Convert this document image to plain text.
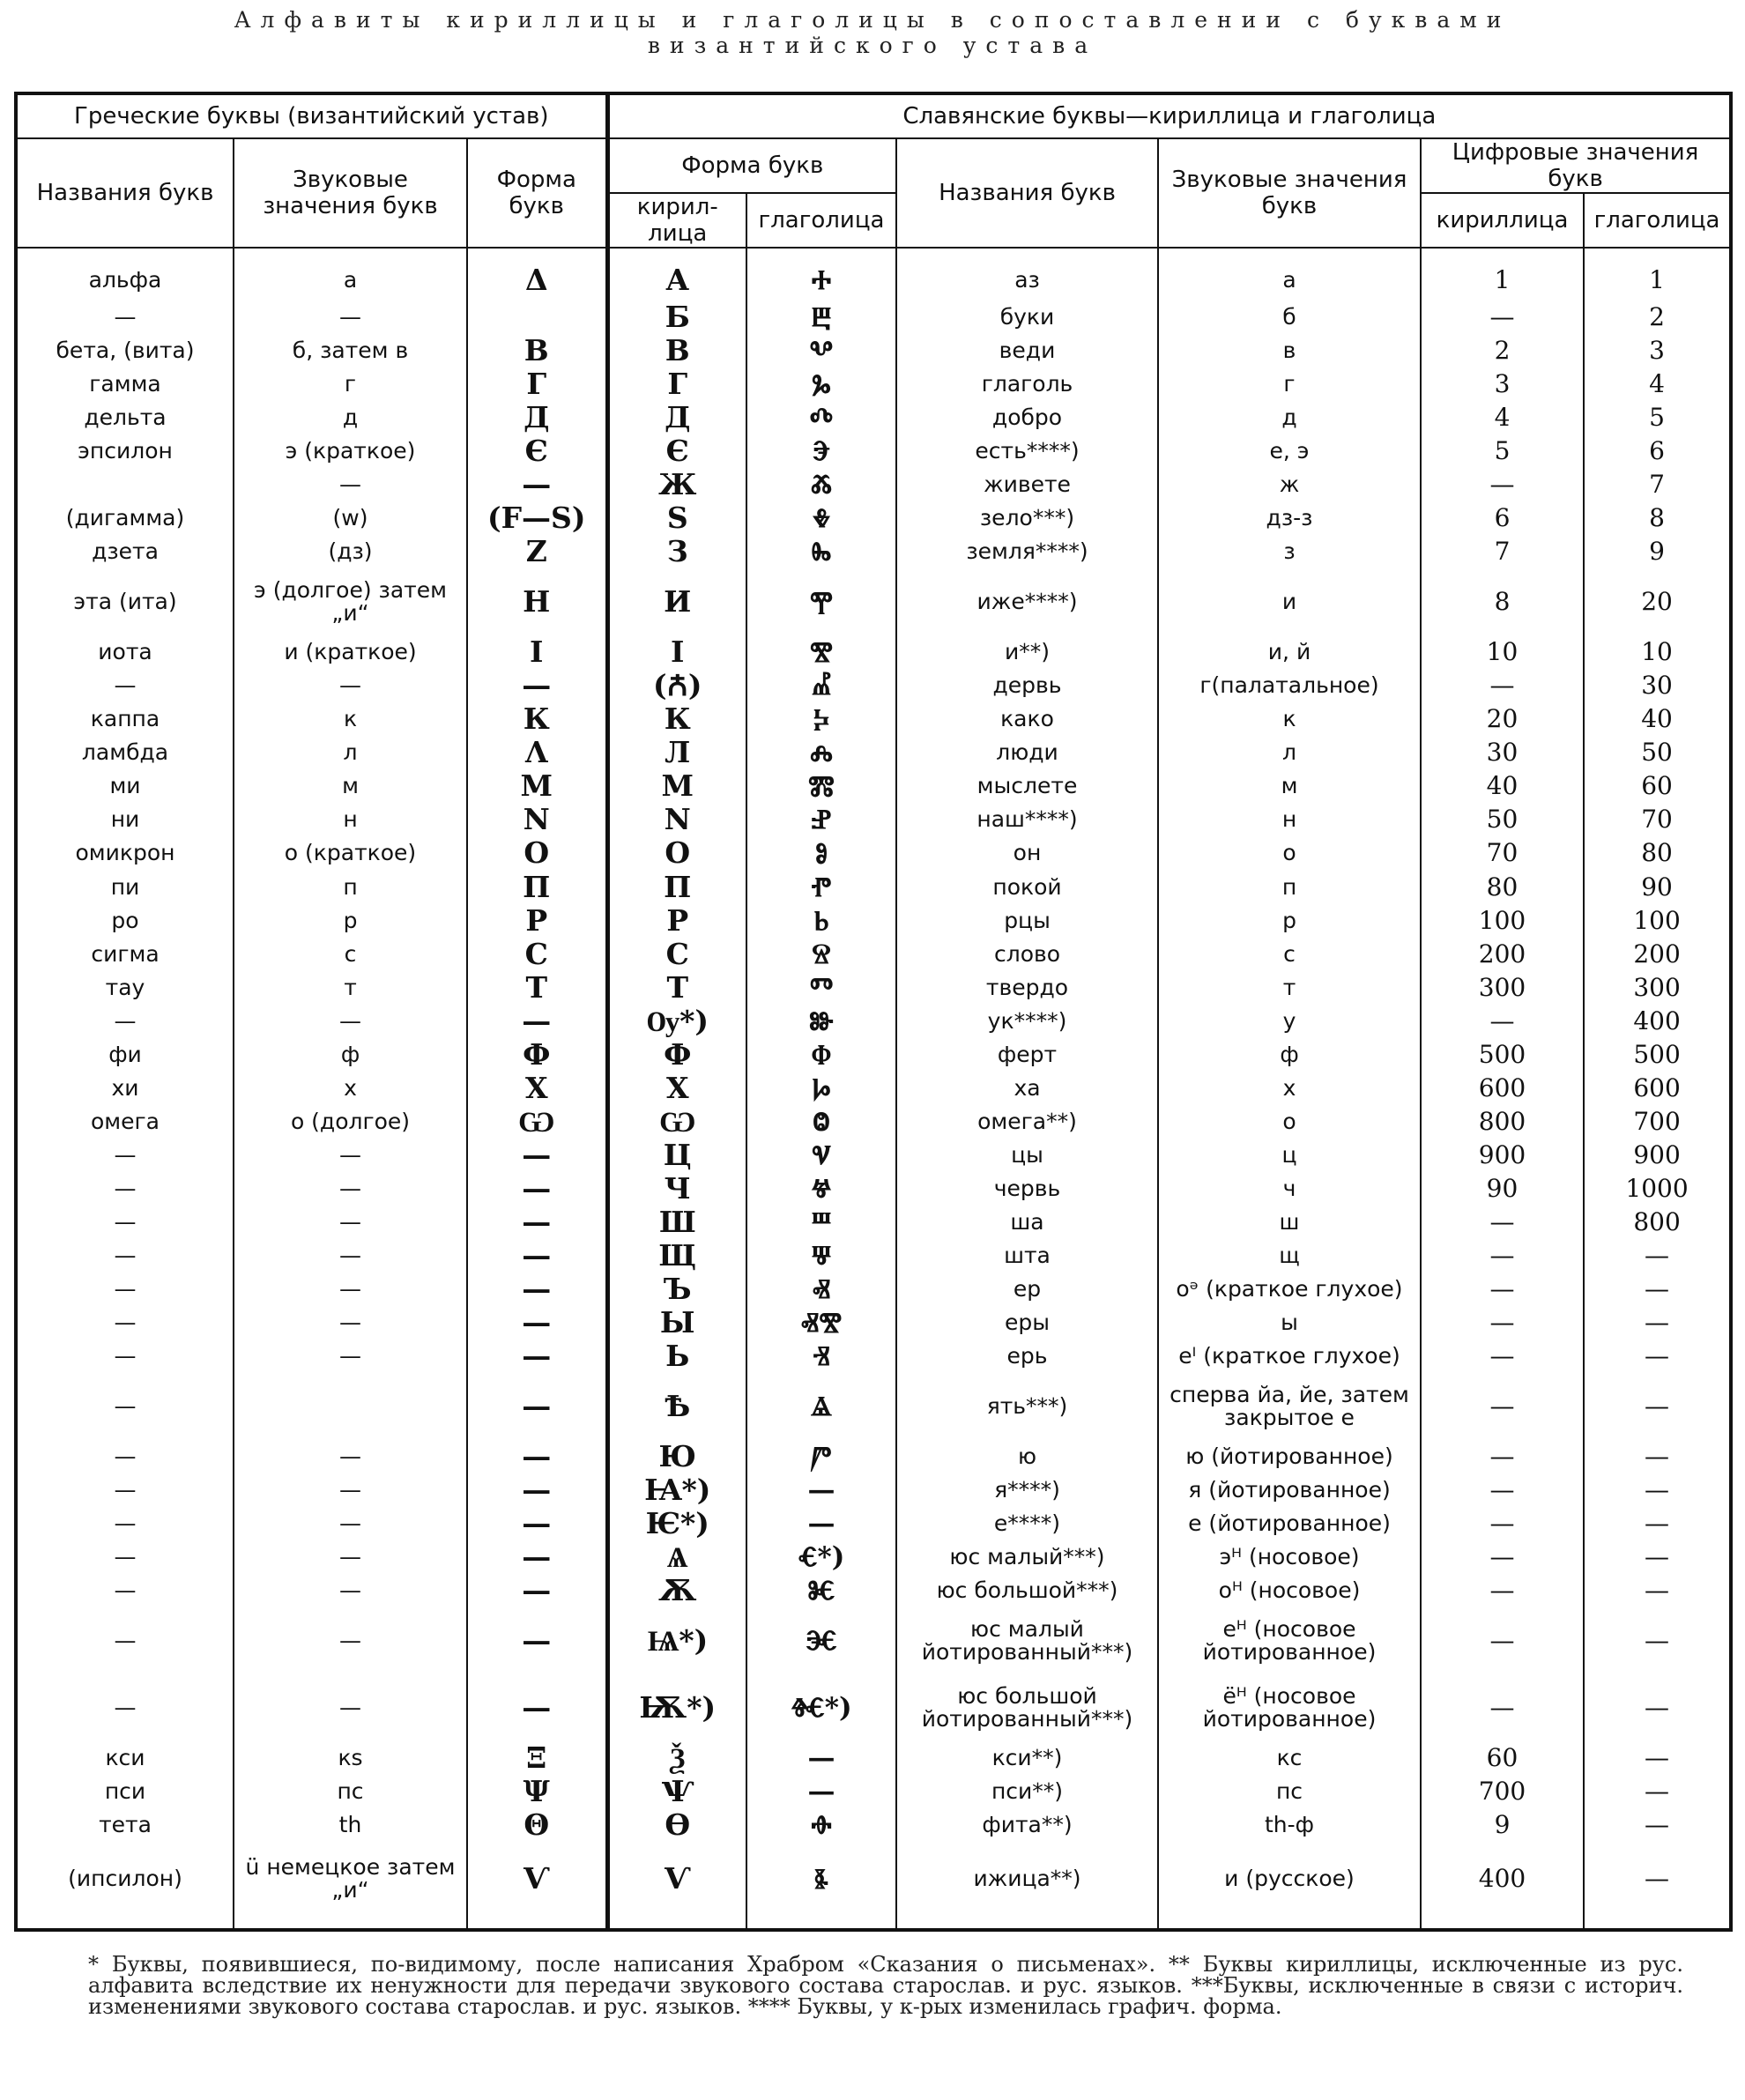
Алфавиты кириллицы и глаголицы в сопоставлении с буквами
византийского устава
Греческие буквы (византийский устав)			Славянские буквы—кириллица и глаголица					
Названия букв	Звуковые значения букв	Форма букв	Форма букв		Названия букв	Звуковые значения букв	Цифровые значения букв	
			кирил-лица	глаголица			кириллица	глаголица
альфа	а	Δ	А	Ⰰ	аз	а	1	1
—	—		Б	Ⰱ	буки	б	—	2
бета, (вита)	б, затем в	В	В	Ⰲ	веди	в	2	3
гамма	г	Г	Г	Ⰳ	глаголь	г	3	4
дельта	д	Д	Д	Ⰴ	добро	д	4	5
эпсилон	э (краткое)	Є	Є	Ⰵ	есть****)	е, э	5	6
	—	—	Ж	Ⰶ	живете	ж	—	7
(дигамма)	(w)	(F—S)	Ѕ	Ⰷ	зело***)	дз-з	6	8
дзета	(дз)	Ζ	З	Ⰸ	земля****)	з	7	9
эта (ита)	э (долгое) затем „и“	Н	И	Ⰹ	иже****)	и	8	20
иота	и (краткое)	І	І	Ⰺ	и**)	и, й	10	10
—	—	—	(Ꙉ)	Ⰼ	дервь	г(палатальное)	—	30
каппа	к	К	К	Ⰽ	како	к	20	40
ламбда	л	Λ	Л	Ⰾ	люди	л	30	50
ми	м	М	М	Ⰿ	мыслете	м	40	60
ни	н	N	N	Ⱀ	наш****)	н	50	70
омикрон	о (краткое)	О	О	Ⱁ	он	о	70	80
пи	п	П	П	Ⱂ	покой	п	80	90
ро	р	Р	Р	Ⱃ	рцы	р	100	100
сигма	с	С	С	Ⱄ	слово	с	200	200
тау	т	Т	Т	Ⱅ	твердо	т	300	300
—	—	—	Ѹ*)	Ⱆ	ук****)	у	—	400
фи	ф	Ф	Ф	Ⱇ	ферт	ф	500	500
хи	х	Χ	Х	Ⱈ	ха	х	600	600
омега	о (долгое)	Ѡ	Ѡ	Ⱉ	омега**)	о	800	700
—	—	—	Ц	Ⱌ	цы	ц	900	900
—	—	—	Ч	Ⱍ	червь	ч	90	1000
—	—	—	Ш	Ⱎ	ша	ш	—	800
—	—	—	Щ	Ⱋ	шта	щ	—	—
—	—	—	Ъ	Ⱏ	ер	оᵊ (краткое глухое)	—	—
—	—	—	Ы	ⰟⰊ	еры	ы	—	—
—	—	—	Ь	Ⱐ	ерь	еᴵ (краткое глухое)	—	—
—		—	Ѣ	Ⱑ	ять***)	сперва йа, йе, затем закрытое е	—	—
—	—	—	Ю	Ⱓ	ю	ю (йотированное)	—	—
—	—	—	Ꙗ*)	—	я****)	я (йотированное)	—	—
—	—	—	Ѥ*)	—	е****)	е (йотированное)	—	—
—	—	—	Ѧ	Ⱔ*)	юс малый***)	эᴴ (носовое)	—	—
—	—	—	Ѫ	Ⱘ	юс большой***)	оᴴ (носовое)	—	—
—	—	—	Ѩ*)	Ⱗ	юс малый йотированный***)	еᴴ (носовое йотированное)	—	—
—	—	—	Ѭ*)	Ⱙ*)	юс большой йотированный***)	ёᴴ (носовое йотированное)	—	—
кси	кѕ	Ξ	Ѯ	—	кси**)	кс	60	—
пси	пс	Ψ	Ѱ	—	пси**)	пс	700	—
тета	th	Θ	Ѳ	Ⱚ	фита**)	th-ф	9	—
(ипсилон)	ü немецкое затем „и“	Ѵ	Ѵ	Ⱛ	ижица**)	и (русское)	400	—

* Буквы, появившиеся, по-видимому, после написания Храбром «Сказания о письменах». ** Буквы кириллицы, исключенные из рус. алфавита вследствие их ненужности для передачи звукового состава старослав. и рус. языков. ***Буквы, исключенные в связи с историч. изменениями звукового состава старослав. и рус. языков. **** Буквы, у к-рых изменилась графич. форма.
